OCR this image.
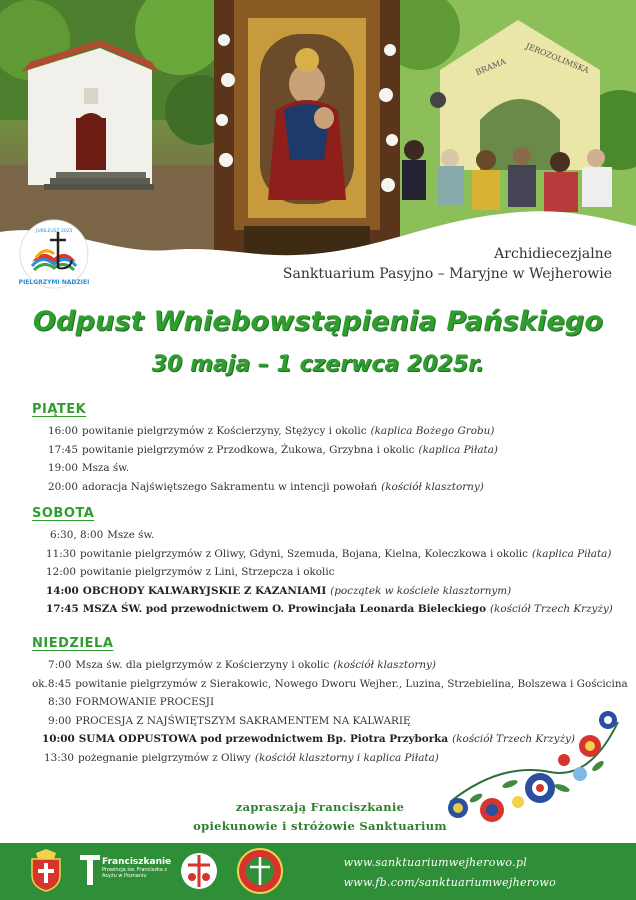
BRAMA JEROZOLIMSKA
PIELGRZYMI NADZIEI
JUBILEUSZ 2025
Archidiecezjalne
Sanktuarium Pasyjno – Maryjne w Wejherowie
Odpust Wniebowstąpienia Pańskiego
30 maja – 1 czerwca 2025r.
PIĄTEK
16:00 powitanie pielgrzymów z Kościerzyny, Stężycy i okolic (kaplica Bożego Grobu)
17:45 powitanie pielgrzymów z Przodkowa, Żukowa, Grzybna i okolic (kaplica Piłata)
19:00 Msza św.
20:00 adoracja Najświętszego Sakramentu w intencji powołań (kościół klasztorny)
SOBOTA
6:30, 8:00 Msze św.
11:30 powitanie pielgrzymów z Oliwy, Gdyni, Szemuda, Bojana, Kielna, Koleczkowa i okolic (kaplica Piłata)
12:00 powitanie pielgrzymów z Lini, Strzepcza i okolic
14:00 OBCHODY KALWARYJSKIE Z KAZANIAMI (początek w kościele klasztornym)
17:45 MSZA ŚW. pod przewodnictwem O. Prowincjała Leonarda Bieleckiego (kościół Trzech Krzyży)
NIEDZIELA
7:00 Msza św. dla pielgrzymów z Kościerzyny i okolic (kościół klasztorny)
ok.8:45 powitanie pielgrzymów z Sierakowic, Nowego Dworu Wejher., Luzina, Strzebielina, Bolszewa i Gościcina
8:30 FORMOWANIE PROCESJI
9:00 PROCESJA Z NAJŚWIĘTSZYM SAKRAMENTEM NA KALWARIĘ
10:00 SUMA ODPUSTOWA pod przewodnictwem Bp. Piotra Przyborka (kościół Trzech Krzyży)
13:30 pożegnanie pielgrzymów z Oliwy (kościół klasztorny i kaplica Piłata)
zapraszają Franciszkanie
opiekunowie i stróżowie Sanktuarium
Franciszkanie
Prowincja św. Franciszka z Asyżu w Poznaniu
www.sanktuariumwejherowo.pl
www.fb.com/sanktuariumwejherowo
